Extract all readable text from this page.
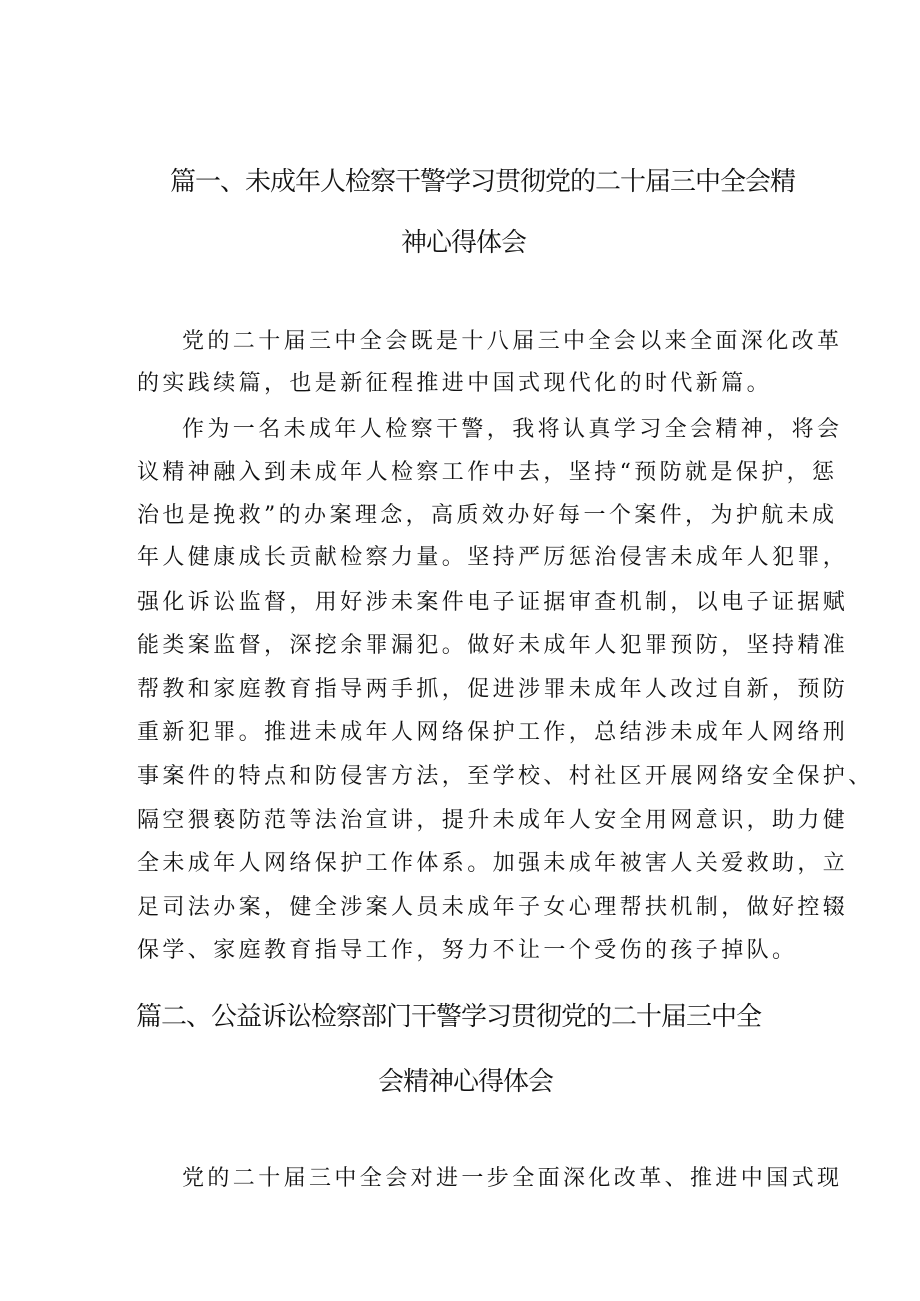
篇一、未成年人检察干警学习贯彻党的二十届三中全会精
神心得体会
党的二十届三中全会既是十八届三中全会以来全面深化改革
的实践续篇，也是新征程推进中国式现代化的时代新篇。
作为一名未成年人检察干警，我将认真学习全会精神，将会
议精神融入到未成年人检察工作中去，坚持“预防就是保护，惩
治也是挽救”的办案理念，高质效办好每一个案件，为护航未成
年人健康成长贡献检察力量。坚持严厉惩治侵害未成年人犯罪，
强化诉讼监督，用好涉未案件电子证据审查机制，以电子证据赋
能类案监督，深挖余罪漏犯。做好未成年人犯罪预防，坚持精准
帮教和家庭教育指导两手抓，促进涉罪未成年人改过自新，预防
重新犯罪。推进未成年人网络保护工作，总结涉未成年人网络刑
事案件的特点和防侵害方法，至学校、村社区开展网络安全保护、
隔空猥亵防范等法治宣讲，提升未成年人安全用网意识，助力健
全未成年人网络保护工作体系。加强未成年被害人关爱救助，立
足司法办案，健全涉案人员未成年子女心理帮扶机制，做好控辍
保学、家庭教育指导工作，努力不让一个受伤的孩子掉队。
篇二、公益诉讼检察部门干警学习贯彻党的二十届三中全
会精神心得体会
党的二十届三中全会对进一步全面深化改革、推进中国式现
